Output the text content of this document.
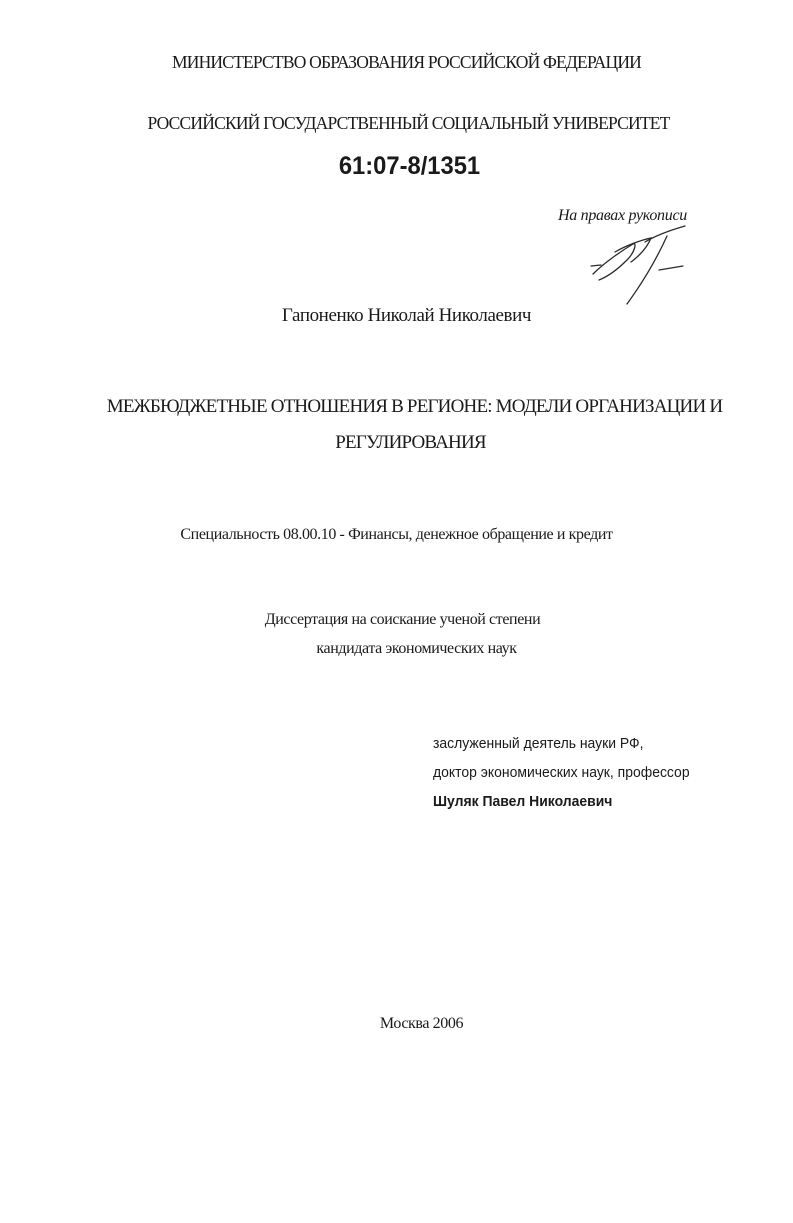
МИНИСТЕРСТВО ОБРАЗОВАНИЯ РОССИЙСКОЙ ФЕДЕРАЦИИ
РОССИЙСКИЙ ГОСУДАРСТВЕННЫЙ СОЦИАЛЬНЫЙ УНИВЕРСИТЕТ
61:07-8/1351
На правах рукописи
Гапоненко Николай Николаевич
МЕЖБЮДЖЕТНЫЕ ОТНОШЕНИЯ В РЕГИОНЕ: МОДЕЛИ ОРГАНИЗАЦИИ И
РЕГУЛИРОВАНИЯ
Специальность 08.00.10 - Финансы, денежное обращение и кредит
Диссертация на соискание ученой степени
кандидата экономических наук
заслуженный деятель науки РФ,
доктор экономических наук, профессор
Шуляк Павел Николаевич
Москва 2006
